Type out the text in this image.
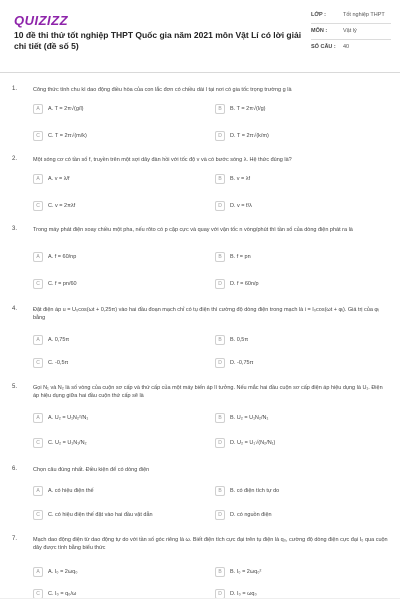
QUIZIZZ
10 đề thi thử tốt nghiệp THPT Quốc gia năm 2021 môn Vật Lí có lời giải chi tiết (đề số 5)
LỚP :	Tốt nghiệp THPT
MÔN :	Vật lý
SỐ CÂU :	40
1.	Công thức tính chu kì dao động điều hòa của con lắc đơn có chiều dài l tại nơi có gia tốc trọng trường g là
A	A. T = 2π√(g/l)	B	B. T = 2π√(l/g)
C	C. T = 2π√(m/k)	D	D. T = 2π√(k/m)
2.	Một sóng cơ có tần số f, truyền trên một sợi dây đàn hồi với tốc độ v và có bước sóng λ. Hệ thức đúng là?
A	A. v = λ/f	B	B. v = λf
C	C. v = 2πλf	D	D. v = f/λ
3.	Trong máy phát điện xoay chiều một pha, nếu rôto có p cặp cực và quay với vận tốc n vòng/phút thì tần số của dòng điện phát ra là
A	A. f = 60/np	B	B. f = pn
C	C. f = pn/60	D	D. f = 60n/p
4.	Đặt điện áp u = U₀cos(ωt + 0,25π) vào hai đầu đoạn mạch chỉ có tụ điện thì cường độ dòng điện trong mạch là i = I₀cos(ωt + φᵢ). Giá trị của φᵢ bằng
A	A. 0,75π	B	B. 0,5π
C	C. -0,5π	D	D. -0,75π
5.	Gọi N₁ và N₂ là số vòng của cuộn sơ cấp và thứ cấp của một máy biến áp lí tưởng. Nếu mắc hai đầu cuộn sơ cấp điện áp hiệu dụng là U₁. Điện áp hiệu dụng giữa hai đầu cuộn thứ cấp sẽ là
A	A. U₂ = U₁N₂²/N₁	B	B. U₂ = U₁N₂/N₁
C	C. U₂ = U₁N₁/N₂	D	D. U₂ = U₁√(N₂/N₁)
6.	Chọn câu đúng nhất. Điều kiện để có dòng điện
A	A. có hiệu điện thế	B	B. có điện tích tự do
C	C. có hiệu điện thế đặt vào hai đầu vật dẫn	D	D. có nguồn điện
7.	Mạch dao động điện từ dao động tự do với tần số góc riêng là ω. Biết điện tích cực đại trên tụ điện là q₀, cường độ dòng điện cực đại I₀ qua cuộn dây được tính bằng biểu thức
A	A. I₀ = 2ωq₀	B	B. I₀ = 2ωq₀²
C	C. I₀ = q₀/ω	D	D. I₀ = ωq₀
